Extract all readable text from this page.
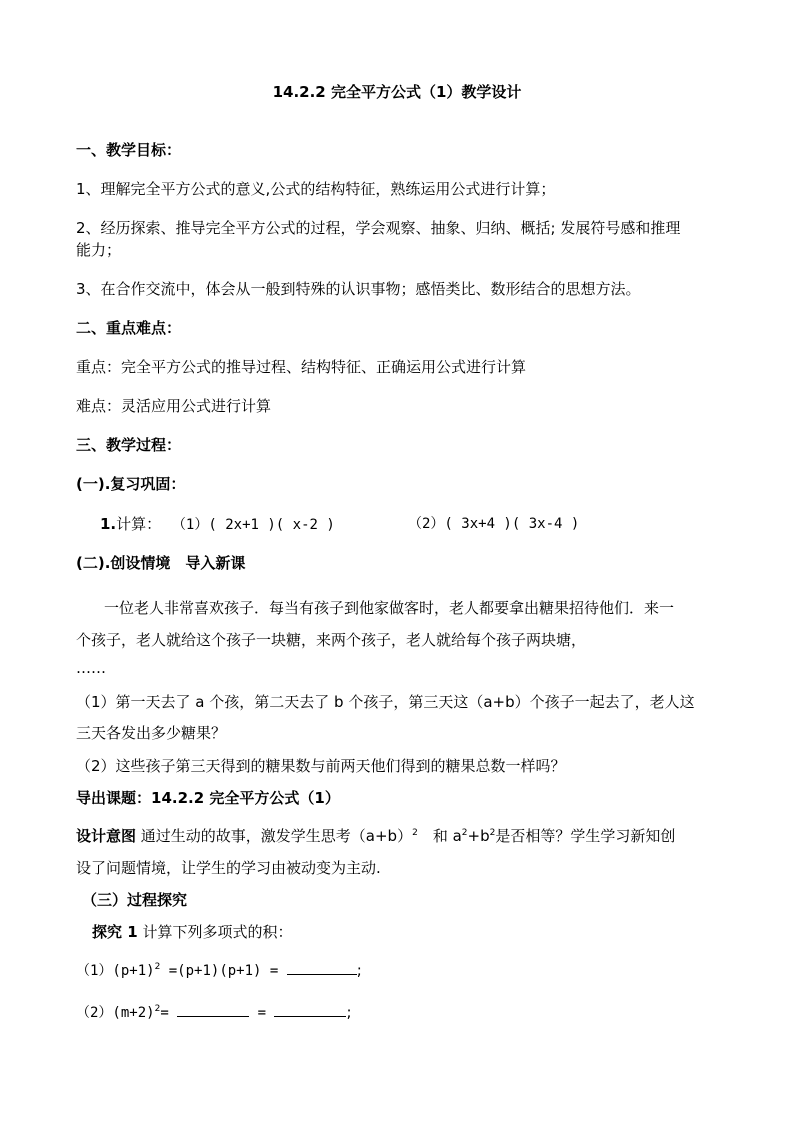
14.2.2 完全平方公式（1）教学设计
一、教学目标：
1、理解完全平方公式的意义,公式的结构特征，熟练运用公式进行计算；
2、经历探索、推导完全平方公式的过程，学会观察、抽象、归纳、概括; 发展符号感和推理
能力；
3、在合作交流中，体会从一般到特殊的认识事物；感悟类比、数形结合的思想方法。
二、重点难点：
重点：完全平方公式的推导过程、结构特征、正确运用公式进行计算
难点：灵活应用公式进行计算
三、教学过程：
(一).复习巩固：
1.计算： （1）( 2x+1 )( x-2 )	（2）( 3x+4 )( 3x-4 )
(二).创设情境　导入新课
一位老人非常喜欢孩子．每当有孩子到他家做客时，老人都要拿出糖果招待他们．来一
个孩子，老人就给这个孩子一块糖，来两个孩子，老人就给每个孩子两块塘，
……
（1）第一天去了 a 个孩，第二天去了 b 个孩子，第三天这（a+b）个孩子一起去了，老人这
三天各发出多少糖果？
（2）这些孩子第三天得到的糖果数与前两天他们得到的糖果总数一样吗？
导出课题：14.2.2 完全平方公式（1）
设计意图 通过生动的故事，激发学生思考$(a+b)^2$　和 $a^2+b^2$是否相等？学生学习新知创
设了问题情境，让学生的学习由被动变为主动.
（三）过程探究
探究 1 计算下列多项式的积：
$(1)(p+1)^2 =(p+1)(p+1)$ =	;
$(2)(m+2)^2=$	=	;
